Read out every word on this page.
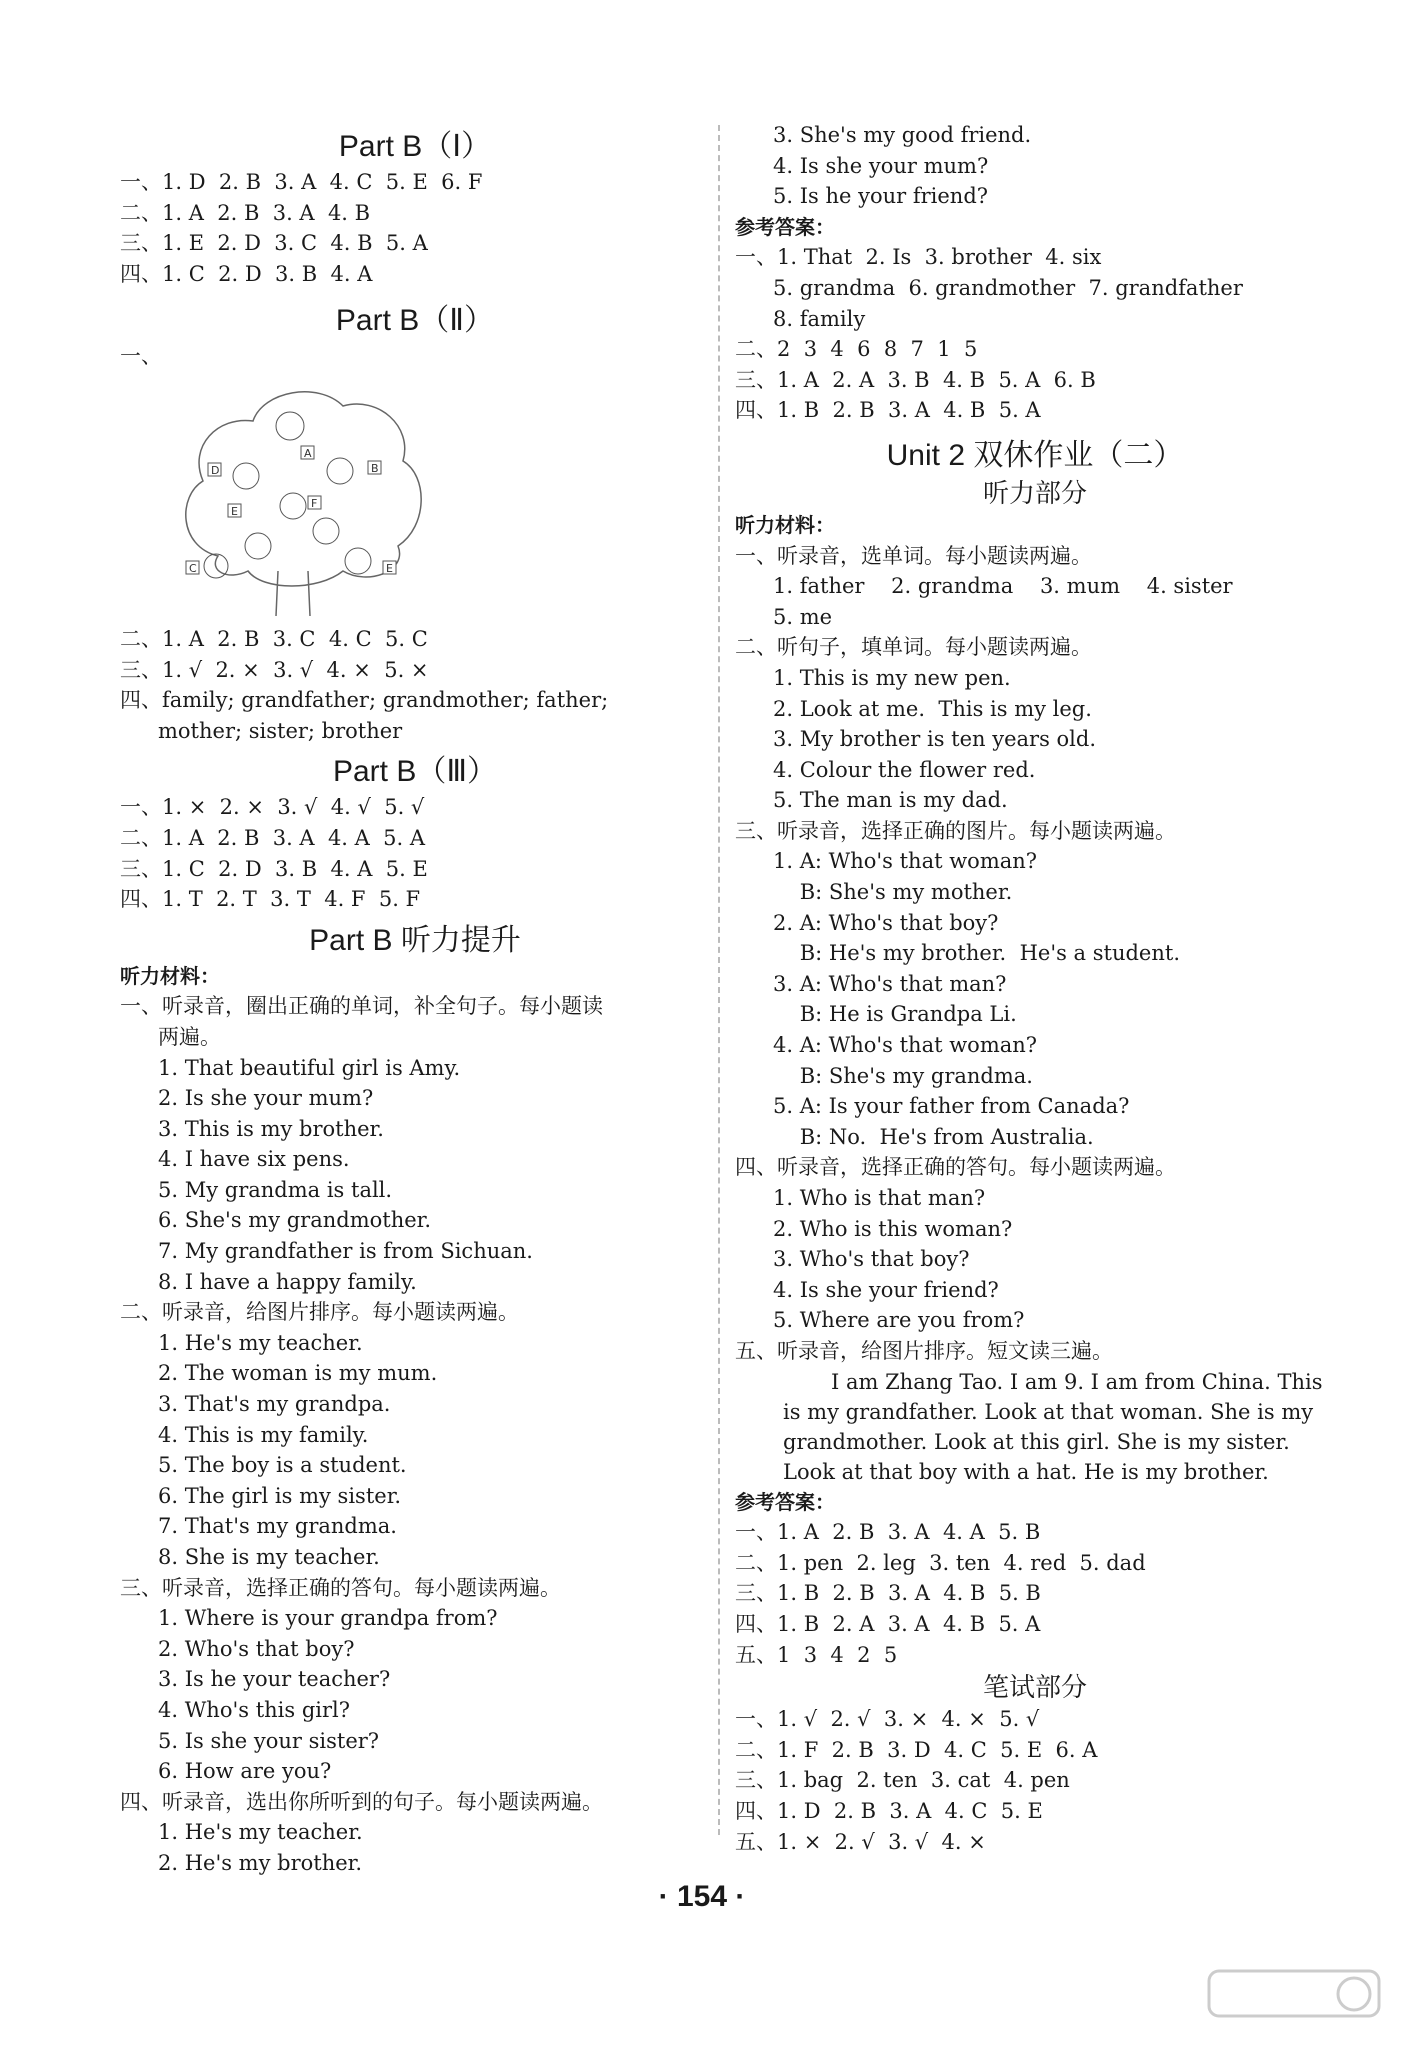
Part B（Ⅰ）
一、1. D  2. B  3. A  4. C  5. E  6. F
二、1. A  2. B  3. A  4. B
三、1. E  2. D  3. C  4. B  5. A
四、1. C  2. D  3. B  4. A
Part B（Ⅱ）
一、
A
B
D
E
F
C	E
二、1. A  2. B  3. C  4. C  5. C
三、1. √  2. ×  3. √  4. ×  5. ×
四、family; grandfather; grandmother; father;
mother; sister; brother
Part B（Ⅲ）
一、1. ×  2. ×  3. √  4. √  5. √
二、1. A  2. B  3. A  4. A  5. A
三、1. C  2. D  3. B  4. A  5. E
四、1. T  2. T  3. T  4. F  5. F
Part B 听力提升
听力材料：
一、听录音，圈出正确的单词，补全句子。每小题读
两遍。
1. That beautiful girl is Amy.
2. Is she your mum?
3. This is my brother.
4. I have six pens.
5. My grandma is tall.
6. She's my grandmother.
7. My grandfather is from Sichuan.
8. I have a happy family.
二、听录音，给图片排序。每小题读两遍。
1. He's my teacher.
2. The woman is my mum.
3. That's my grandpa.
4. This is my family.
5. The boy is a student.
6. The girl is my sister.
7. That's my grandma.
8. She is my teacher.
三、听录音，选择正确的答句。每小题读两遍。
1. Where is your grandpa from?
2. Who's that boy?
3. Is he your teacher?
4. Who's this girl?
5. Is she your sister?
6. How are you?
四、听录音，选出你所听到的句子。每小题读两遍。
1. He's my teacher.
2. He's my brother.
3. She's my good friend.
4. Is she your mum?
5. Is he your friend?
参考答案：
一、1. That  2. Is  3. brother  4. six
5. grandma  6. grandmother  7. grandfather
8. family
二、2  3  4  6  8  7  1  5
三、1. A  2. A  3. B  4. B  5. A  6. B
四、1. B  2. B  3. A  4. B  5. A
Unit 2 双休作业（二）
听力部分
听力材料：
一、听录音，选单词。每小题读两遍。
1. father    2. grandma    3. mum    4. sister
5. me
二、听句子，填单词。每小题读两遍。
1. This is my new pen.
2. Look at me.  This is my leg.
3. My brother is ten years old.
4. Colour the flower red.
5. The man is my dad.
三、听录音，选择正确的图片。每小题读两遍。
1. A: Who's that woman?
B: She's my mother.
2. A: Who's that boy?
B: He's my brother.  He's a student.
3. A: Who's that man?
B: He is Grandpa Li.
4. A: Who's that woman?
B: She's my grandma.
5. A: Is your father from Canada?
B: No.  He's from Australia.
四、听录音，选择正确的答句。每小题读两遍。
1. Who is that man?
2. Who is this woman?
3. Who's that boy?
4. Is she your friend?
5. Where are you from?
五、听录音，给图片排序。短文读三遍。
I am Zhang Tao. I am 9. I am from China. This is my grandfather. Look at that woman. She is my grandmother. Look at this girl. She is my sister. Look at that boy with a hat. He is my brother.
参考答案：
一、1. A  2. B  3. A  4. A  5. B
二、1. pen  2. leg  3. ten  4. red  5. dad
三、1. B  2. B  3. A  4. B  5. B
四、1. B  2. A  3. A  4. B  5. A
五、1  3  4  2  5
笔试部分
一、1. √  2. √  3. ×  4. ×  5. √
二、1. F  2. B  3. D  4. C  5. E  6. A
三、1. bag  2. ten  3. cat  4. pen
四、1. D  2. B  3. A  4. C  5. E
五、1. ×  2. √  3. √  4. ×
· 154 ·
